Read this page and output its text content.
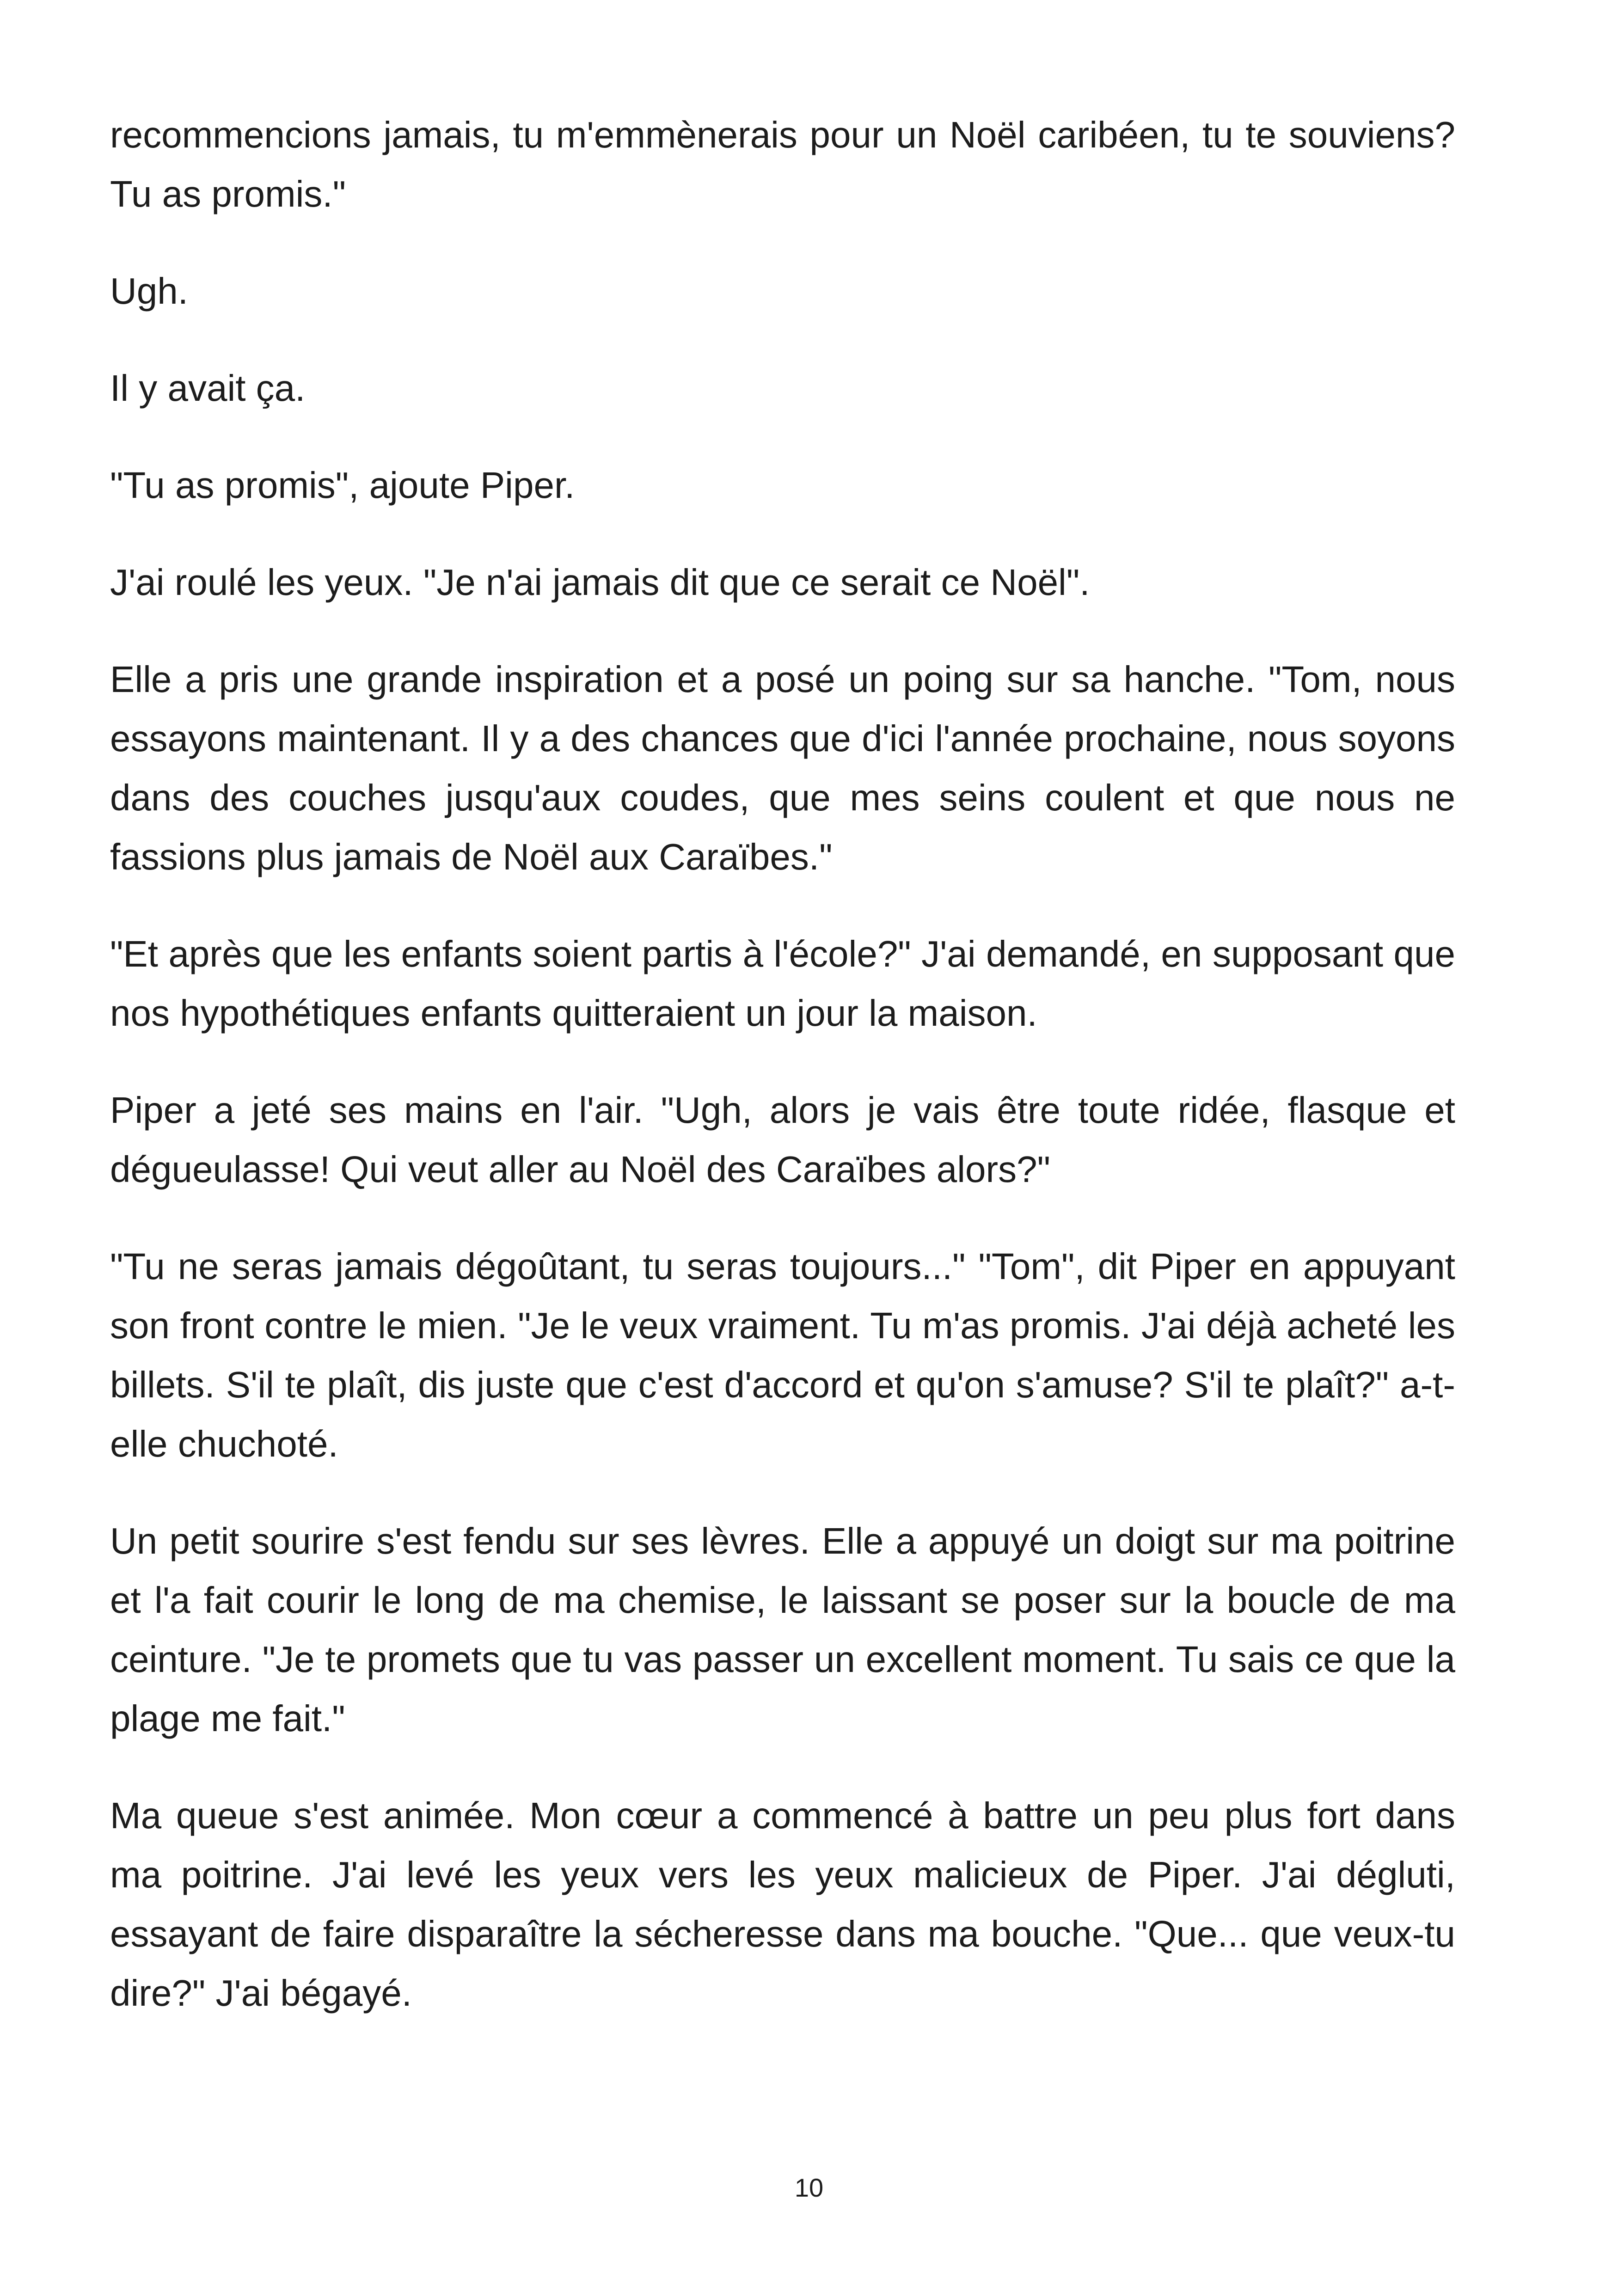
recommencions jamais, tu m'emmènerais pour un Noël caribéen, tu te souviens? Tu as promis."

Ugh.

Il y avait ça.

"Tu as promis", ajoute Piper.

J'ai roulé les yeux. "Je n'ai jamais dit que ce serait ce Noël".

Elle a pris une grande inspiration et a posé un poing sur sa hanche. "Tom, nous essayons maintenant. Il y a des chances que d'ici l'année prochaine, nous soyons dans des couches jusqu'aux coudes, que mes seins coulent et que nous ne fassions plus jamais de Noël aux Caraïbes."

"Et après que les enfants soient partis à l'école?" J'ai demandé, en supposant que nos hypothétiques enfants quitteraient un jour la maison.

Piper a jeté ses mains en l'air. "Ugh, alors je vais être toute ridée, flasque et dégueulasse! Qui veut aller au Noël des Caraïbes alors?"

"Tu ne seras jamais dégoûtant, tu seras toujours..." "Tom", dit Piper en appuyant son front contre le mien. "Je le veux vraiment. Tu m'as promis. J'ai déjà acheté les billets. S'il te plaît, dis juste que c'est d'accord et qu'on s'amuse? S'il te plaît?" a-t-elle chuchoté.

Un petit sourire s'est fendu sur ses lèvres. Elle a appuyé un doigt sur ma poitrine et l'a fait courir le long de ma chemise, le laissant se poser sur la boucle de ma ceinture. "Je te promets que tu vas passer un excellent moment. Tu sais ce que la plage me fait."

Ma queue s'est animée. Mon cœur a commencé à battre un peu plus fort dans ma poitrine. J'ai levé les yeux vers les yeux malicieux de Piper. J'ai dégluti, essayant de faire disparaître la sécheresse dans ma bouche. "Que... que veux-tu dire?" J'ai bégayé.

10
